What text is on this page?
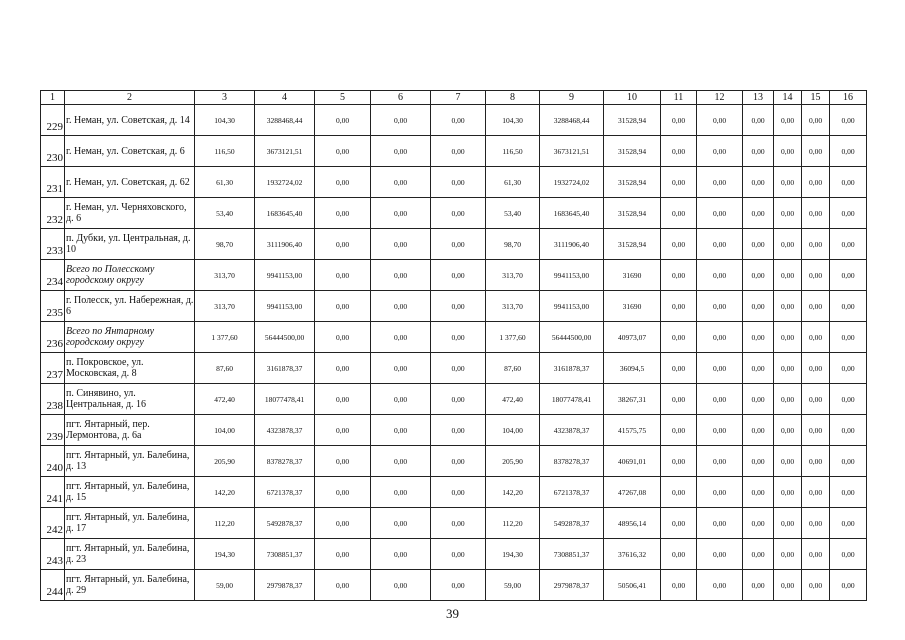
1	2	3	4	5	6	7	8	9	10	11	12	13	14	15	16
229	г. Неман, ул. Советская, д. 14	104,30	3288468,44	0,00	0,00	0,00	104,30	3288468,44	31528,94	0,00	0,00	0,00	0,00	0,00	0,00
230	г. Неман, ул. Советская, д. 6	116,50	3673121,51	0,00	0,00	0,00	116,50	3673121,51	31528,94	0,00	0,00	0,00	0,00	0,00	0,00
231	г. Неман, ул. Советская, д. 62	61,30	1932724,02	0,00	0,00	0,00	61,30	1932724,02	31528,94	0,00	0,00	0,00	0,00	0,00	0,00
232	г. Неман, ул. Черняховского, д. 6	53,40	1683645,40	0,00	0,00	0,00	53,40	1683645,40	31528,94	0,00	0,00	0,00	0,00	0,00	0,00
233	п. Дубки, ул. Центральная, д. 10	98,70	3111906,40	0,00	0,00	0,00	98,70	3111906,40	31528,94	0,00	0,00	0,00	0,00	0,00	0,00
234	Всего по Полесскому городскому округу	313,70	9941153,00	0,00	0,00	0,00	313,70	9941153,00	31690	0,00	0,00	0,00	0,00	0,00	0,00
235	г. Полесск, ул. Набережная, д. 6	313,70	9941153,00	0,00	0,00	0,00	313,70	9941153,00	31690	0,00	0,00	0,00	0,00	0,00	0,00
236	Всего по Янтарному городскому округу	1 377,60	56444500,00	0,00	0,00	0,00	1 377,60	56444500,00	40973,07	0,00	0,00	0,00	0,00	0,00	0,00
237	п. Покровское, ул. Московская, д. 8	87,60	3161878,37	0,00	0,00	0,00	87,60	3161878,37	36094,5	0,00	0,00	0,00	0,00	0,00	0,00
238	п. Синявино, ул. Центральная, д. 16	472,40	18077478,41	0,00	0,00	0,00	472,40	18077478,41	38267,31	0,00	0,00	0,00	0,00	0,00	0,00
239	пгт. Янтарный, пер. Лермонтова, д. 6а	104,00	4323878,37	0,00	0,00	0,00	104,00	4323878,37	41575,75	0,00	0,00	0,00	0,00	0,00	0,00
240	пгт. Янтарный, ул. Балебина, д. 13	205,90	8378278,37	0,00	0,00	0,00	205,90	8378278,37	40691,01	0,00	0,00	0,00	0,00	0,00	0,00
241	пгт. Янтарный, ул. Балебина, д. 15	142,20	6721378,37	0,00	0,00	0,00	142,20	6721378,37	47267,08	0,00	0,00	0,00	0,00	0,00	0,00
242	пгт. Янтарный, ул. Балебина, д. 17	112,20	5492878,37	0,00	0,00	0,00	112,20	5492878,37	48956,14	0,00	0,00	0,00	0,00	0,00	0,00
243	пгт. Янтарный, ул. Балебина, д. 23	194,30	7308851,37	0,00	0,00	0,00	194,30	7308851,37	37616,32	0,00	0,00	0,00	0,00	0,00	0,00
244	пгт. Янтарный, ул. Балебина, д. 29	59,00	2979878,37	0,00	0,00	0,00	59,00	2979878,37	50506,41	0,00	0,00	0,00	0,00	0,00	0,00
39
